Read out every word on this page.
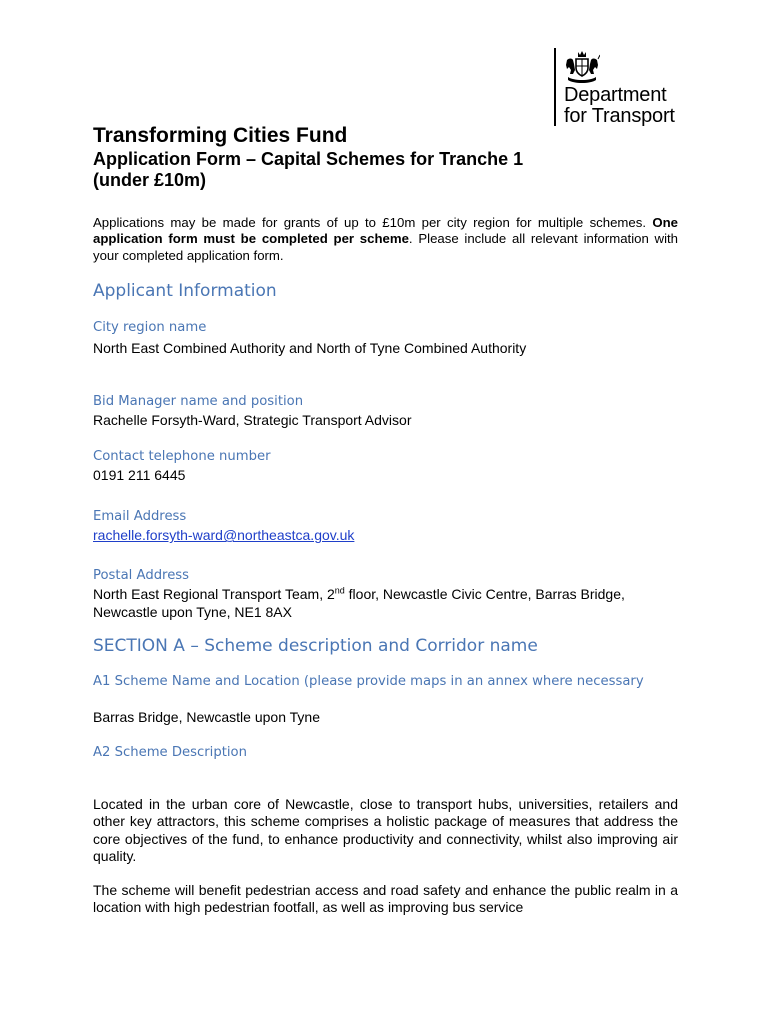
Department
for Transport
Transforming Cities Fund

Application Form – Capital Schemes for Tranche 1

(under £10m)

Applications may be made for grants of up to £10m per city region for multiple schemes. One application form must be completed per scheme. Please include all relevant information with your completed application form.

Applicant Information

City region name

North East Combined Authority and North of Tyne Combined Authority

Bid Manager name and position

Rachelle Forsyth-Ward, Strategic Transport Advisor

Contact telephone number

0191 211 6445

Email Address

rachelle.forsyth-ward@northeastca.gov.uk

Postal Address

North East Regional Transport Team, 2nd floor, Newcastle Civic Centre, Barras Bridge, Newcastle upon Tyne, NE1 8AX

SECTION A – Scheme description and Corridor name

A1 Scheme Name and Location (please provide maps in an annex where necessary

Barras Bridge, Newcastle upon Tyne

A2 Scheme Description

Located in the urban core of Newcastle, close to transport hubs, universities, retailers and other key attractors, this scheme comprises a holistic package of measures that address the core objectives of the fund, to enhance productivity and connectivity, whilst also improving air quality.

The scheme will benefit pedestrian access and road safety and enhance the public realm in a location with high pedestrian footfall, as well as improving bus service
